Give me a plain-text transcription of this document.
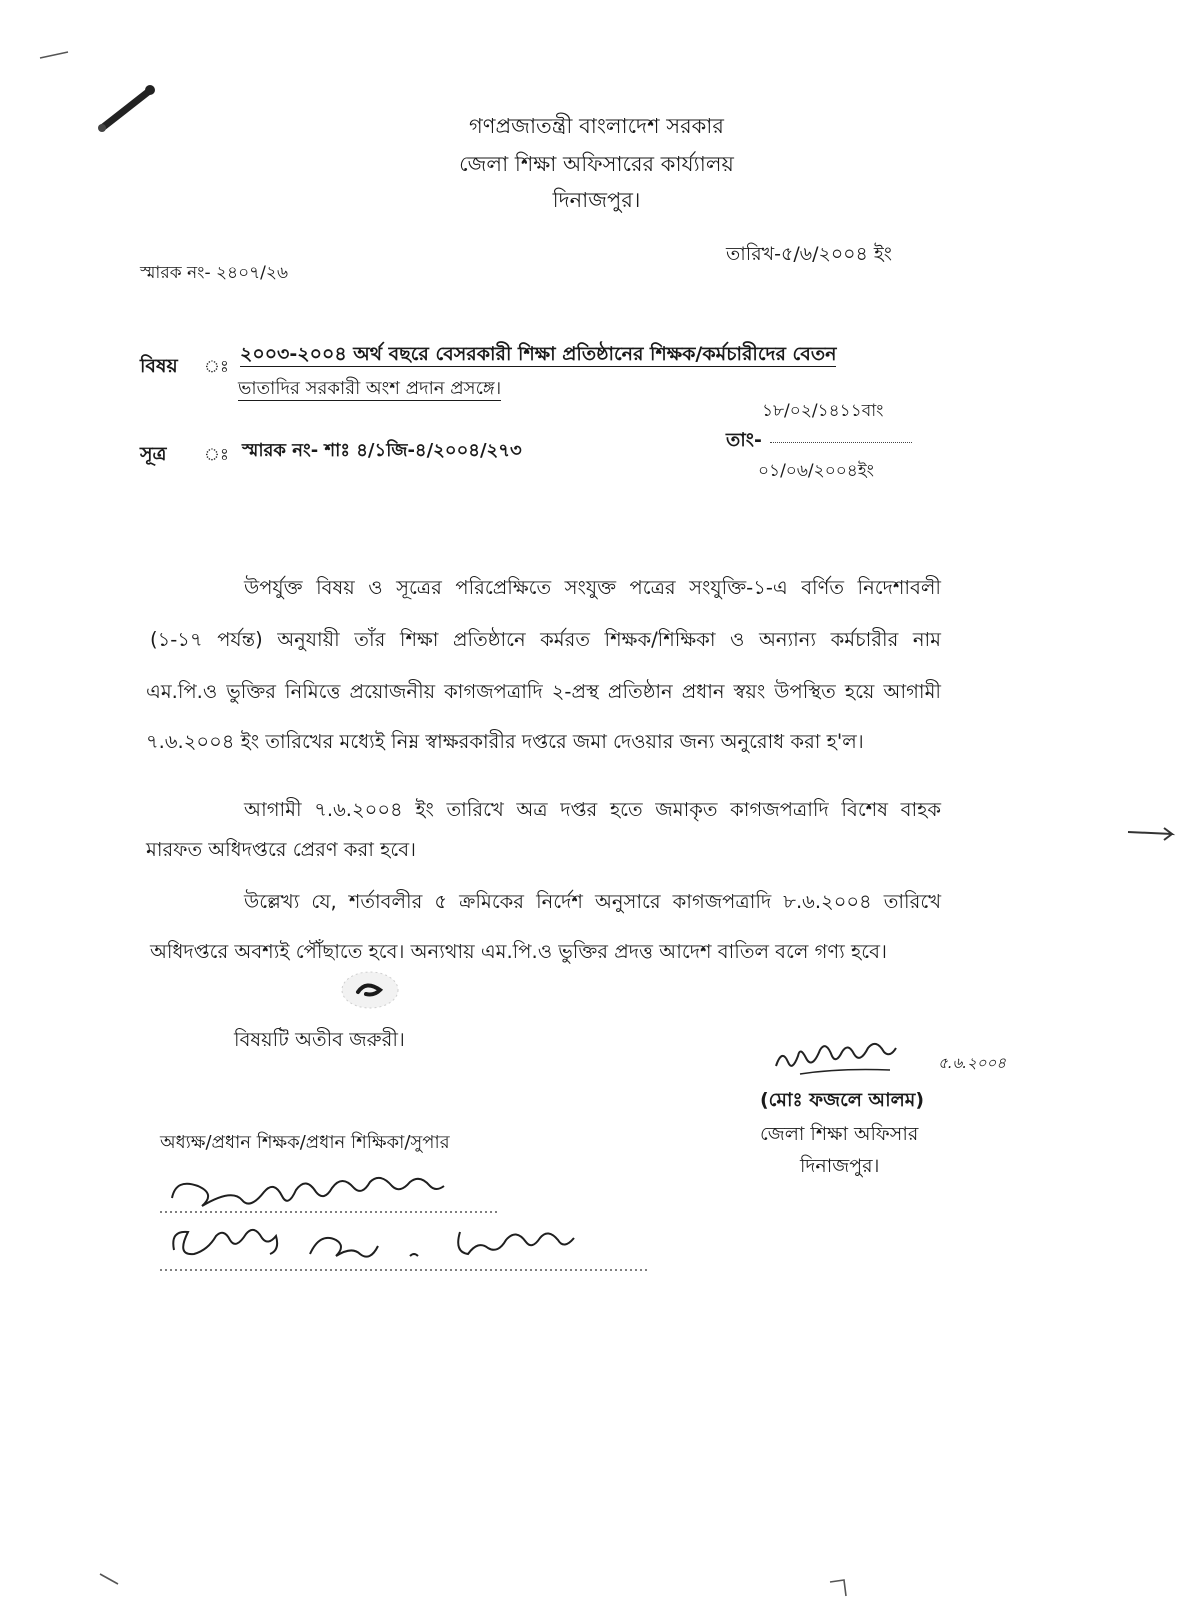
গণপ্রজাতন্ত্রী বাংলাদেশ সরকার
জেলা শিক্ষা অফিসারের কার্য্যালয়
দিনাজপুর।
স্মারক নং- ২৪০৭/২৬
তারিখ-৫/৬/২০০৪ ইং
বিষয় ঃ
২০০৩-২০০৪ অর্থ বছরে বেসরকারী শিক্ষা প্রতিষ্ঠানের শিক্ষক/কর্মচারীদের বেতন
ভাতাদির সরকারী অংশ প্রদান প্রসঙ্গে।
সূত্র ঃ স্মারক নং- শাঃ ৪/১জি-৪/২০০৪/২৭৩
১৮/০২/১৪১১বাং
তাং-
০১/০৬/২০০৪ইং
উপর্যুক্ত বিষয় ও সূত্রের পরিপ্রেক্ষিতে সংযুক্ত পত্রের সংযুক্তি-১-এ বর্ণিত নিদেশাবলী
(১-১৭ পর্যন্ত) অনুযায়ী তাঁর শিক্ষা প্রতিষ্ঠানে কর্মরত শিক্ষক/শিক্ষিকা ও অন্যান্য কর্মচারীর নাম
এম.পি.ও ভুক্তির নিমিত্তে প্রয়োজনীয় কাগজপত্রাদি ২-প্রস্থ প্রতিষ্ঠান প্রধান স্বয়ং উপস্থিত হয়ে আগামী
৭.৬.২০০৪ ইং তারিখের মধ্যেই নিম্ন স্বাক্ষরকারীর দপ্তরে জমা দেওয়ার জন্য অনুরোধ করা হ'ল।
আগামী ৭.৬.২০০৪ ইং তারিখে অত্র দপ্তর হতে জমাকৃত কাগজপত্রাদি বিশেষ বাহক
মারফত অধিদপ্তরে প্রেরণ করা হবে।
উল্লেখ্য যে, শর্তাবলীর ৫ ক্রমিকের নির্দেশ অনুসারে কাগজপত্রাদি ৮.৬.২০০৪ তারিখে
অধিদপ্তরে অবশ্যই পৌঁছাতে হবে। অন্যথায় এম.পি.ও ভুক্তির প্রদত্ত আদেশ বাতিল বলে গণ্য হবে।
বিষয়টি অতীব জরুরী।
৫.৬.২০০৪
(মোঃ ফজলে আলম)
জেলা শিক্ষা অফিসার
দিনাজপুর।
অধ্যক্ষ/প্রধান শিক্ষক/প্রধান শিক্ষিকা/সুপার
